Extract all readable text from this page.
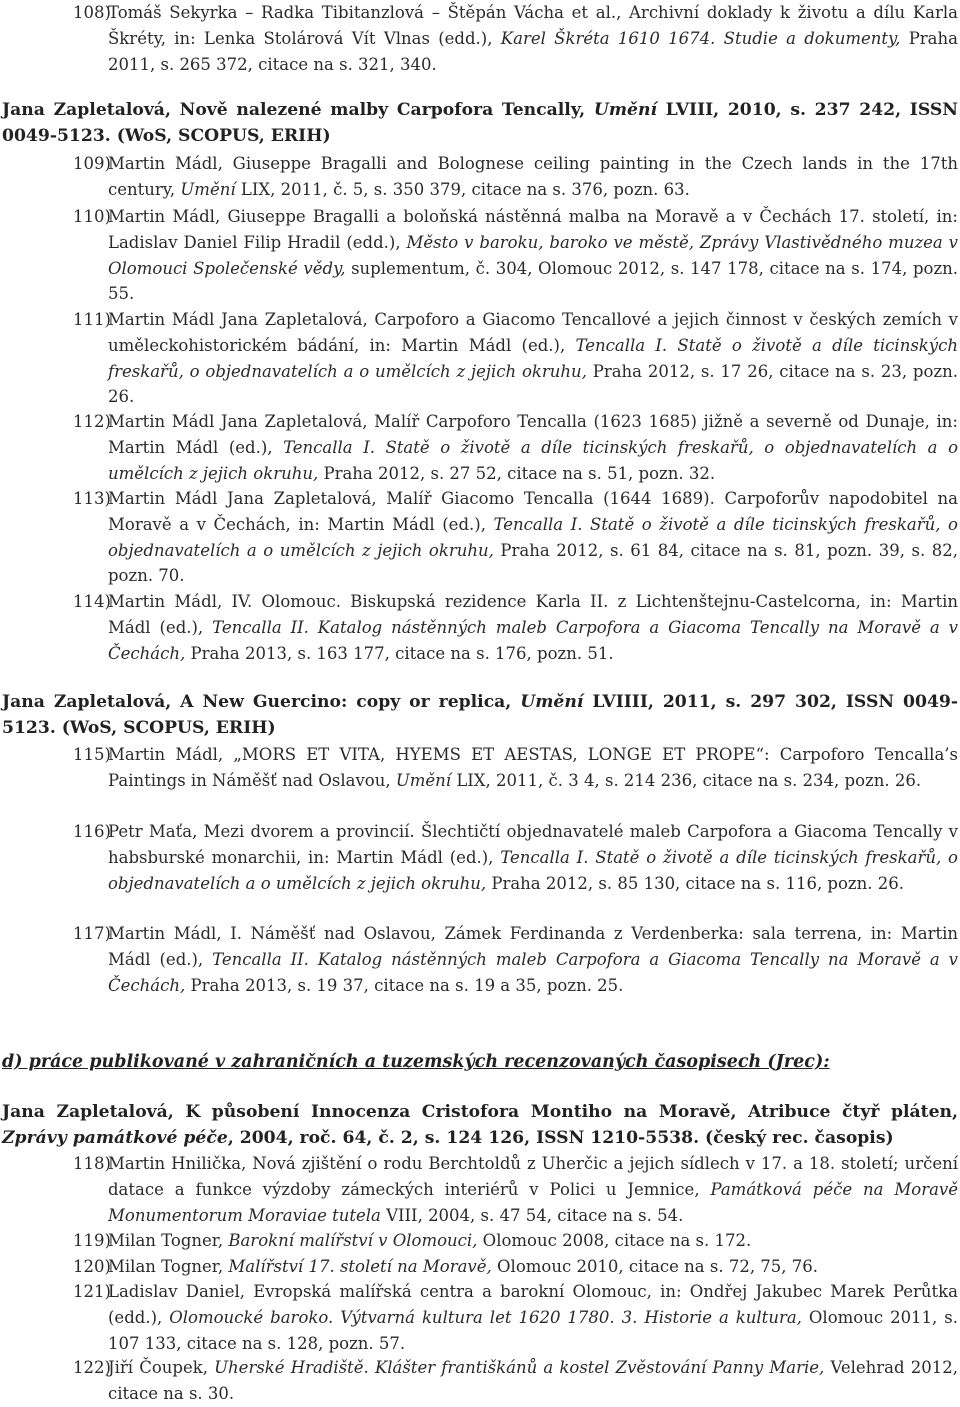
108)
Tomáš Sekyrka – Radka Tibitanzlová – Štěpán Vácha et al., Archivní doklady k životu a dílu Karla Škréty, in: Lenka Stolárová Vít Vlnas (edd.), Karel Škréta 1610 1674. Studie a dokumenty, Praha 2011, s. 265 372, citace na s. 321, 340.
Jana Zapletalová, Nově nalezené malby Carpofora Tencally, Umění LVIII, 2010, s. 237 242, ISSN 0049-5123. (WoS, SCOPUS, ERIH)
109)
Martin Mádl, Giuseppe Bragalli and Bolognese ceiling painting in the Czech lands in the 17th century, Umění LIX, 2011, č. 5, s. 350 379, citace na s. 376, pozn. 63.
110)
Martin Mádl, Giuseppe Bragalli a boloňská nástěnná malba na Moravě a v Čechách 17. století, in: Ladislav Daniel Filip Hradil (edd.), Město v baroku, baroko ve městě, Zprávy Vlastivědného muzea v Olomouci Společenské vědy, suplementum, č. 304, Olomouc 2012, s. 147 178, citace na s. 174, pozn. 55.
111)
Martin Mádl Jana Zapletalová, Carpoforo a Giacomo Tencallové a jejich činnost v českých zemích v uměleckohistorickém bádání, in: Martin Mádl (ed.), Tencalla I. Statě o životě a díle ticinských freskařů, o objednavatelích a o umělcích z jejich okruhu, Praha 2012, s. 17 26, citace na s. 23, pozn. 26.
112)
Martin Mádl Jana Zapletalová, Malíř Carpoforo Tencalla (1623 1685) jižně a severně od Dunaje, in: Martin Mádl (ed.), Tencalla I. Statě o životě a díle ticinských freskařů, o objednavatelích a o umělcích z jejich okruhu, Praha 2012, s. 27 52, citace na s. 51, pozn. 32.
113)
Martin Mádl Jana Zapletalová, Malíř Giacomo Tencalla (1644 1689). Carpoforův napodobitel na Moravě a v Čechách, in: Martin Mádl (ed.), Tencalla I. Statě o životě a díle ticinských freskařů, o objednavatelích a o umělcích z jejich okruhu, Praha 2012, s. 61 84, citace na s. 81, pozn. 39, s. 82, pozn. 70.
114)
Martin Mádl, IV. Olomouc. Biskupská rezidence Karla II. z Lichtenštejnu-Castelcorna, in: Martin Mádl (ed.), Tencalla II. Katalog nástěnných maleb Carpofora a Giacoma Tencally na Moravě a v Čechách, Praha 2013, s. 163 177, citace na s. 176, pozn. 51.
Jana Zapletalová, A New Guercino: copy or replica, Umění LVIIII, 2011, s. 297 302, ISSN 0049-5123. (WoS, SCOPUS, ERIH)
115)
Martin Mádl, „MORS ET VITA, HYEMS ET AESTAS, LONGE ET PROPE“: Carpoforo Tencalla’s Paintings in Náměšť nad Oslavou, Umění LIX, 2011, č. 3 4, s. 214 236, citace na s. 234, pozn. 26.
116)
Petr Maťa, Mezi dvorem a provincií. Šlechtičtí objednavatelé maleb Carpofora a Giacoma Tencally v habsburské monarchii, in: Martin Mádl (ed.), Tencalla I. Statě o životě a díle ticinských freskařů, o objednavatelích a o umělcích z jejich okruhu, Praha 2012, s. 85 130, citace na s. 116, pozn. 26.
117)
Martin Mádl, I. Náměšť nad Oslavou, Zámek Ferdinanda z Verdenberka: sala terrena, in: Martin Mádl (ed.), Tencalla II. Katalog nástěnných maleb Carpofora a Giacoma Tencally na Moravě a v Čechách, Praha 2013, s. 19 37, citace na s. 19 a 35, pozn. 25.
d) práce publikované v zahraničních a tuzemských recenzovaných časopisech (Jrec):
Jana Zapletalová, K působení Innocenza Cristofora Montiho na Moravě, Atribuce čtyř pláten, Zprávy památkové péče, 2004, roč. 64, č. 2, s. 124 126, ISSN 1210-5538. (český rec. časopis)
118)
Martin Hnilička, Nová zjištění o rodu Berchtoldů z Uherčic a jejich sídlech v 17. a 18. století; určení datace a funkce výzdoby zámeckých interiérů v Polici u Jemnice, Památková péče na Moravě Monumentorum Moraviae tutela VIII, 2004, s. 47 54, citace na s. 54.
119)
Milan Togner, Barokní malířství v Olomouci, Olomouc 2008, citace na s. 172.
120)
Milan Togner, Malířství 17. století na Moravě, Olomouc 2010, citace na s. 72, 75, 76.
121)
Ladislav Daniel, Evropská malířská centra a barokní Olomouc, in: Ondřej Jakubec Marek Perůtka (edd.), Olomoucké baroko. Výtvarná kultura let 1620 1780. 3. Historie a kultura, Olomouc 2011, s. 107 133, citace na s. 128, pozn. 57.
122)
Jiří Čoupek, Uherské Hradiště. Klášter františkánů a kostel Zvěstování Panny Marie, Velehrad 2012, citace na s. 30.
